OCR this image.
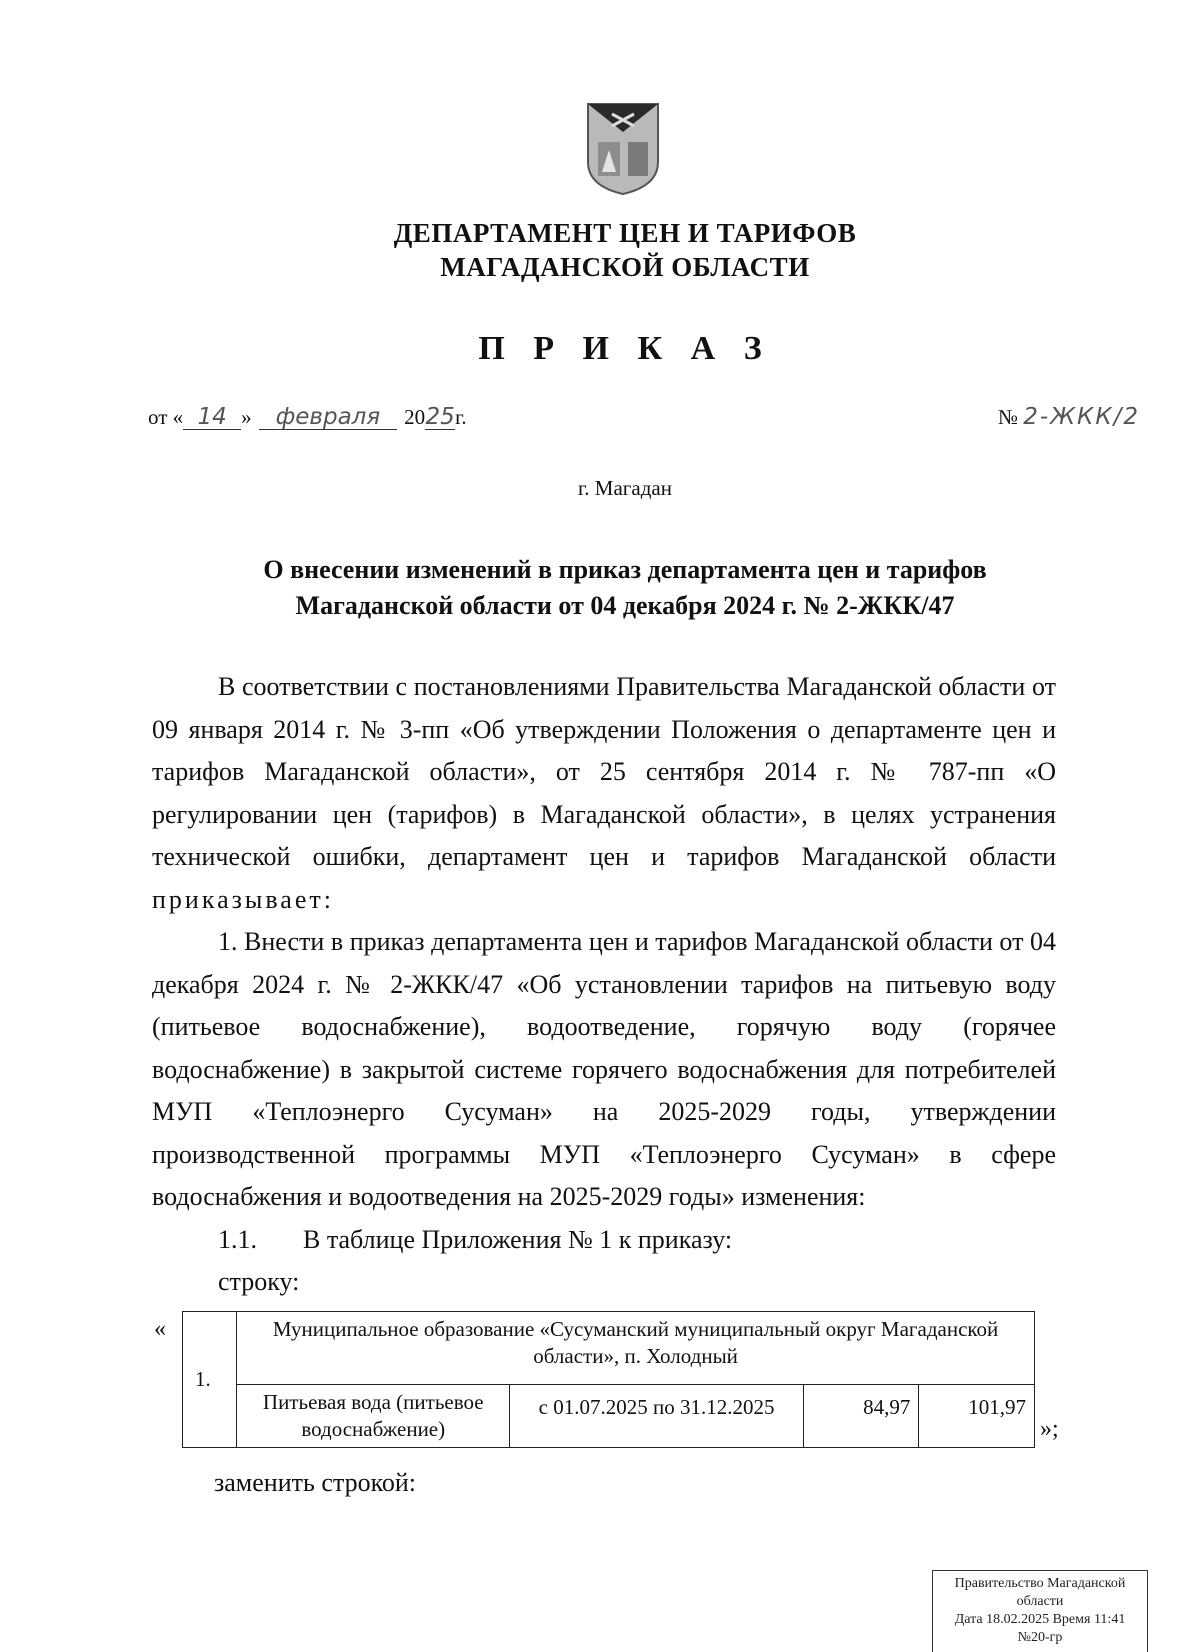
ДЕПАРТАМЕНТ ЦЕН И ТАРИФОВ
МАГАДАНСКОЙ ОБЛАСТИ
П Р И К А З
от « 14 » февраля 2025г.	№ 2-ЖКК/2
г. Магадан
О внесении изменений в приказ департамента цен и тарифов
Магаданской области от 04 декабря 2024 г. № 2-ЖКК/47

В соответствии с постановлениями Правительства Магаданской области от 09 января 2014 г. № 3-пп «Об утверждении Положения о департаменте цен и тарифов Магаданской области», от 25 сентября 2014 г. № 787-пп «О регулировании цен (тарифов) в Магаданской области», в целях устранения технической ошибки, департамент цен и тарифов Магаданской области приказывает:

1. Внести в приказ департамента цен и тарифов Магаданской области от 04 декабря 2024 г. № 2-ЖКК/47 «Об установлении тарифов на питьевую воду (питьевое водоснабжение), водоотведение, горячую воду (горячее водоснабжение) в закрытой системе горячего водоснабжения для потребителей МУП «Теплоэнерго Сусуман» на 2025-2029 годы, утверждении производственной программы МУП «Теплоэнерго Сусуман» в сфере водоснабжения и водоотведения на 2025-2029 годы» изменения:

1.1. В таблице Приложения № 1 к приказу:
строку:
«
1.	Муниципальное образование «Сусуманский муниципальный округ Магаданской области», п. Холодный			
	Питьевая вода (питьевое водоснабжение)	с 01.07.2025 по 31.12.2025	84,97	101,97
»;
заменить строкой:
Правительство Магаданской
области
Дата 18.02.2025 Время 11:41
№20-гр
